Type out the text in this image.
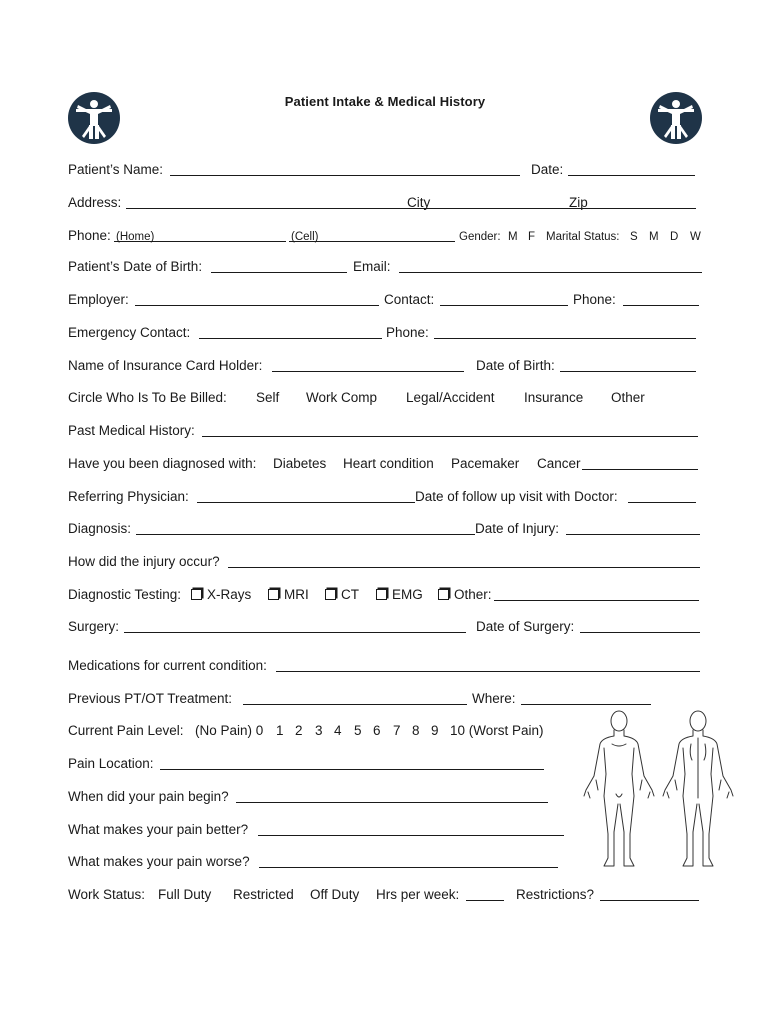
Patient Intake & Medical History
Patient’s Name:	Date:
Address:	City	Zip
Phone: (Home)	(Cell)	Gender: M F Marital Status: S M D W
Patient’s Date of Birth:	Email:
Employer:	Contact:	Phone:
Emergency Contact:	Phone:
Name of Insurance Card Holder:	Date of Birth:
Circle Who Is To Be Billed: Self Work Comp Legal/Accident Insurance Other
Past Medical History:
Have you been diagnosed with: Diabetes Heart condition Pacemaker Cancer
Referring Physician:	Date of follow up visit with Doctor:
Diagnosis:	Date of Injury:
How did the injury occur?
Diagnostic Testing:	X-Rays	MRI	CT	EMG	Other:
Surgery:	Date of Surgery:
Medications for current condition:
Previous PT/OT Treatment:	Where:
Current Pain Level: (No Pain) 0 1 2 3 4 5 6 7 8 9 10 (Worst Pain)
Pain Location:
When did your pain begin?
What makes your pain better?
What makes your pain worse?
Work Status: Full Duty Restricted Off Duty Hrs per week:	Restrictions?
